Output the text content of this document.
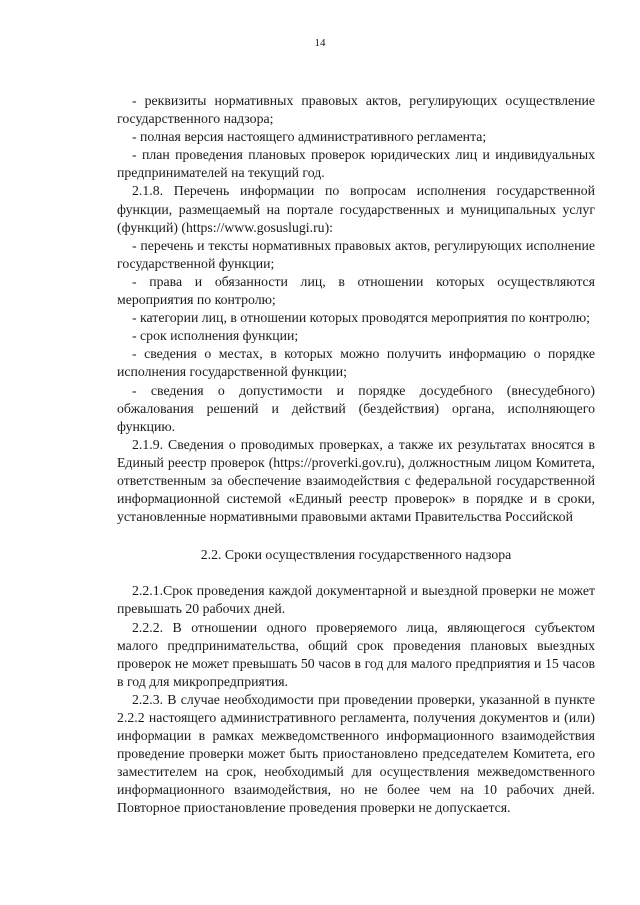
14

- реквизиты нормативных правовых актов, регулирующих осуществление государственного надзора;

- полная версия настоящего административного регламента;

- план проведения плановых проверок юридических лиц и индивидуальных предпринимателей на текущий год.

2.1.8. Перечень информации по вопросам исполнения государственной функции, размещаемый на портале государственных и муниципальных услуг (функций) (https://www.gosuslugi.ru):

- перечень и тексты нормативных правовых актов, регулирующих исполнение государственной функции;

- права и обязанности лиц, в отношении которых осуществляются мероприятия по контролю;

- категории лиц, в отношении которых проводятся мероприятия по контролю;

- срок исполнения функции;

- сведения о местах, в которых можно получить информацию о порядке исполнения государственной функции;

- сведения о допустимости и порядке досудебного (внесудебного) обжалования решений и действий (бездействия) органа, исполняющего функцию.

2.1.9. Сведения о проводимых проверках, а также их результатах вносятся в Единый реестр проверок (https://proverki.gov.ru), должностным лицом Комитета, ответственным за обеспечение взаимодействия с федеральной государственной информационной системой «Единый реестр проверок» в порядке и в сроки, установленные нормативными правовыми актами Правительства Российской

2.2. Сроки осуществления государственного надзора

2.2.1.Срок проведения каждой документарной и выездной проверки не может превышать 20 рабочих дней.

2.2.2. В отношении одного проверяемого лица, являющегося субъектом малого предпринимательства, общий срок проведения плановых выездных проверок не может превышать 50 часов в год для малого предприятия и 15 часов в год для микропредприятия.

2.2.3. В случае необходимости при проведении проверки, указанной в пункте 2.2.2 настоящего административного регламента, получения документов и (или) информации в рамках межведомственного информационного взаимодействия проведение проверки может быть приостановлено председателем Комитета, его заместителем на срок, необходимый для осуществления межведомственного информационного взаимодействия, но не более чем на 10 рабочих дней. Повторное приостановление проведения проверки не допускается.
